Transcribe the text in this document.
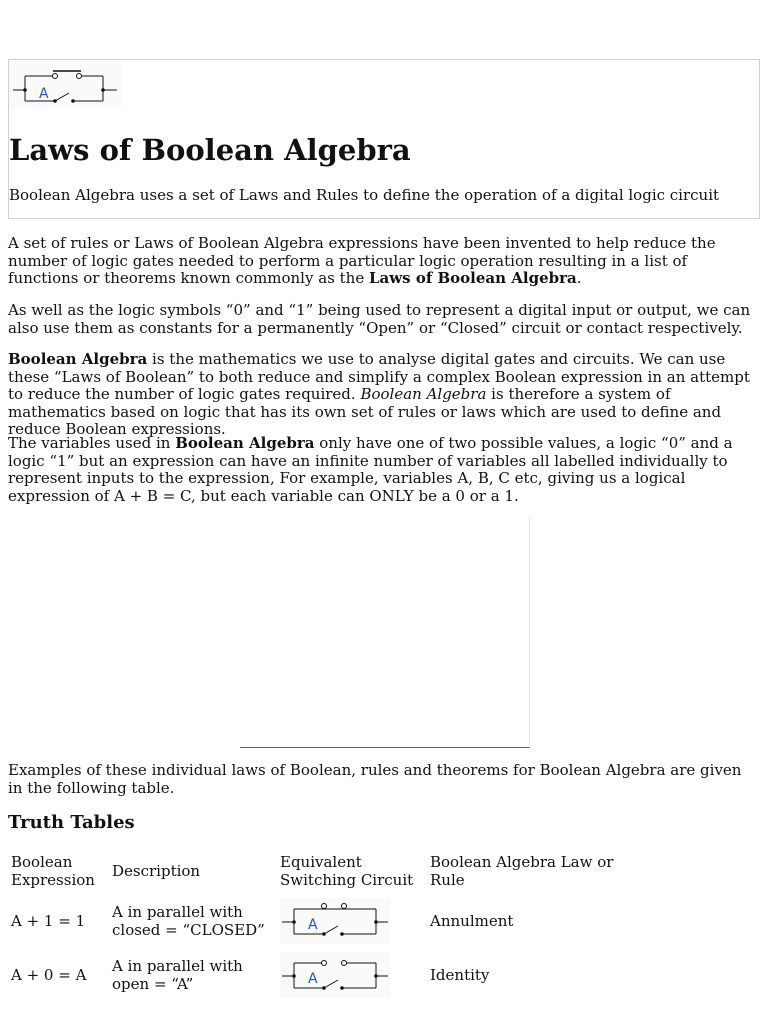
A
Laws of Boolean Algebra

Boolean Algebra uses a set of Laws and Rules to define the operation of a digital logic circuit

A set of rules or Laws of Boolean Algebra expressions have been invented to help reduce the number of logic gates needed to perform a particular logic operation resulting in a list of functions or theorems known commonly as the Laws of Boolean Algebra.

As well as the logic symbols “0” and “1” being used to represent a digital input or output, we can also use them as constants for a permanently “Open” or “Closed” circuit or contact respectively.

Boolean Algebra is the mathematics we use to analyse digital gates and circuits. We can use these “Laws of Boolean” to both reduce and simplify a complex Boolean expression in an attempt to reduce the number of logic gates required. Boolean Algebra is therefore a system of mathematics based on logic that has its own set of rules or laws which are used to define and reduce Boolean expressions.

The variables used in Boolean Algebra only have one of two possible values, a logic “0” and a logic “1” but an expression can have an infinite number of variables all labelled individually to represent inputs to the expression, For example, variables A, B, C etc, giving us a logical expression of A + B = C, but each variable can ONLY be a 0 or a 1.

Examples of these individual laws of Boolean, rules and theorems for Boolean Algebra are given in the following table.

Truth Tables
Boolean Expression	Description	Equivalent Switching Circuit	Boolean Algebra Law or Rule
A + 1 = 1	A in parallel with closed = “CLOSED”	A	Annulment
A + 0 = A	A in parallel with open = “A”	A	Identity
